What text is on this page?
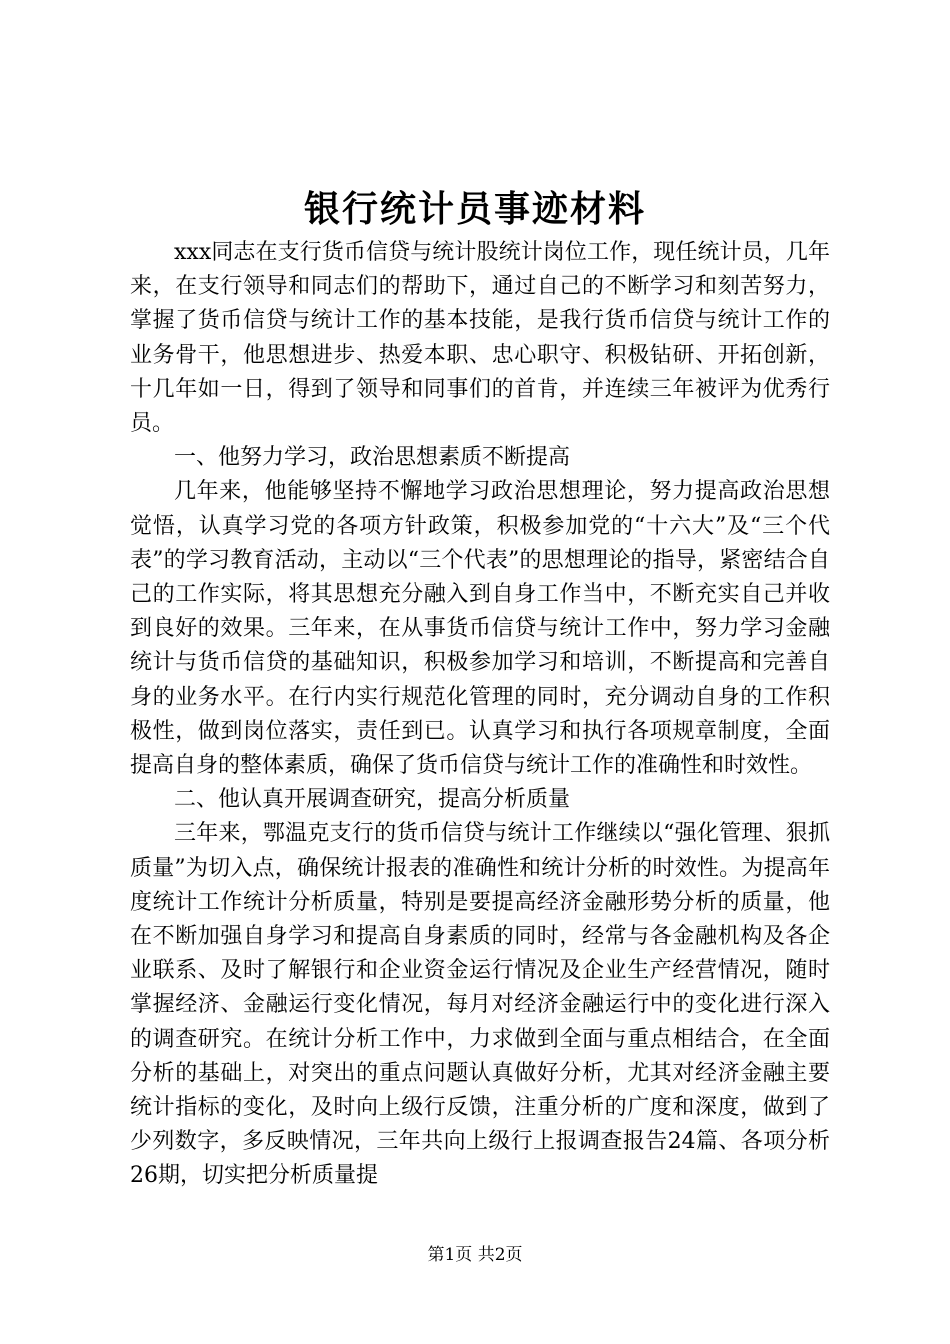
银行统计员事迹材料

xxx同志在支行货币信贷与统计股统计岗位工作，现任统计员，几年来，在支行领导和同志们的帮助下，通过自己的不断学习和刻苦努力，掌握了货币信贷与统计工作的基本技能，是我行货币信贷与统计工作的业务骨干，他思想进步、热爱本职、忠心职守、积极钻研、开拓创新，十几年如一日，得到了领导和同事们的首肯，并连续三年被评为优秀行员。

一、他努力学习，政治思想素质不断提高

几年来，他能够坚持不懈地学习政治思想理论，努力提高政治思想觉悟，认真学习党的各项方针政策，积极参加党的“十六大”及“三个代表”的学习教育活动，主动以“三个代表”的思想理论的指导，紧密结合自己的工作实际，将其思想充分融入到自身工作当中，不断充实自己并收到良好的效果。三年来，在从事货币信贷与统计工作中，努力学习金融统计与货币信贷的基础知识，积极参加学习和培训，不断提高和完善自身的业务水平。在行内实行规范化管理的同时，充分调动自身的工作积极性，做到岗位落实，责任到已。认真学习和执行各项规章制度，全面提高自身的整体素质，确保了货币信贷与统计工作的准确性和时效性。

二、他认真开展调查研究，提高分析质量

三年来，鄂温克支行的货币信贷与统计工作继续以“强化管理、狠抓质量”为切入点，确保统计报表的准确性和统计分析的时效性。为提高年度统计工作统计分析质量，特别是要提高经济金融形势分析的质量，他在不断加强自身学习和提高自身素质的同时，经常与各金融机构及各企业联系、及时了解银行和企业资金运行情况及企业生产经营情况，随时掌握经济、金融运行变化情况，每月对经济金融运行中的变化进行深入的调查研究。在统计分析工作中，力求做到全面与重点相结合，在全面分析的基础上，对突出的重点问题认真做好分析，尤其对经济金融主要统计指标的变化，及时向上级行反馈，注重分析的广度和深度，做到了少列数字，多反映情况，三年共向上级行上报调查报告24篇、各项分析26期，切实把分析质量提

第1页 共2页
